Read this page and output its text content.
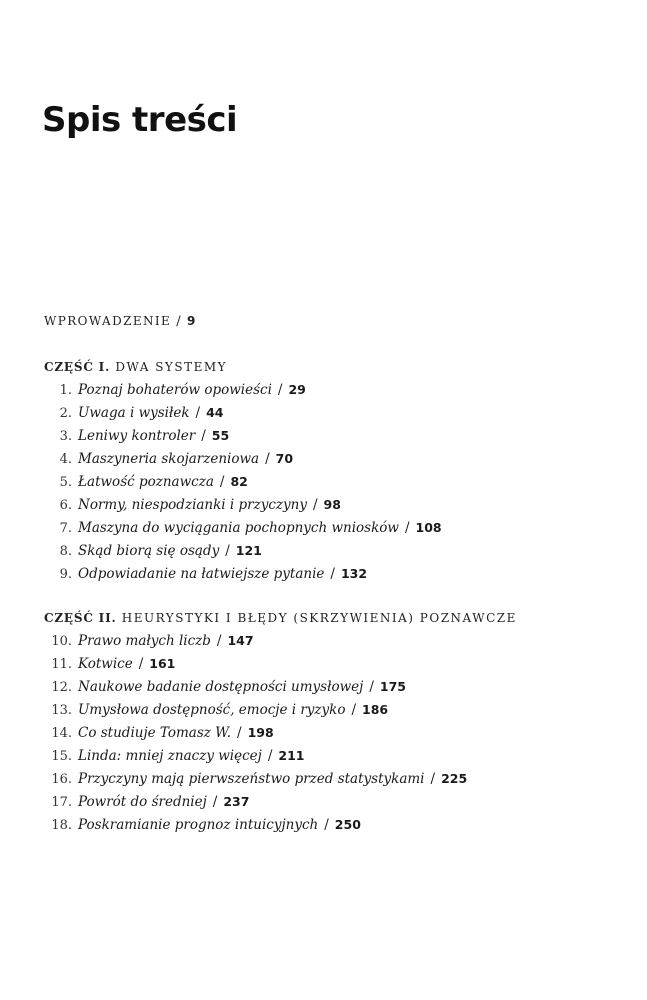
Spis treści
WPROWADZENIE / 9
CZĘŚĆ I. DWA SYSTEMY
1. Poznaj bohaterów opowieści / 29
2. Uwaga i wysiłek / 44
3. Leniwy kontroler / 55
4. Maszyneria skojarzeniowa / 70
5. Łatwość poznawcza / 82
6. Normy, niespodzianki i przyczyny / 98
7. Maszyna do wyciągania pochopnych wniosków / 108
8. Skąd biorą się osądy / 121
9. Odpowiadanie na łatwiejsze pytanie / 132
CZĘŚĆ II. HEURYSTYKI I BŁĘDY (SKRZYWIENIA) POZNAWCZE
10. Prawo małych liczb / 147
11. Kotwice / 161
12. Naukowe badanie dostępności umysłowej / 175
13. Umysłowa dostępność, emocje i ryzyko / 186
14. Co studiuje Tomasz W. / 198
15. Linda: mniej znaczy więcej / 211
16. Przyczyny mają pierwszeństwo przed statystykami / 225
17. Powrót do średniej / 237
18. Poskramianie prognoz intuicyjnych / 250
